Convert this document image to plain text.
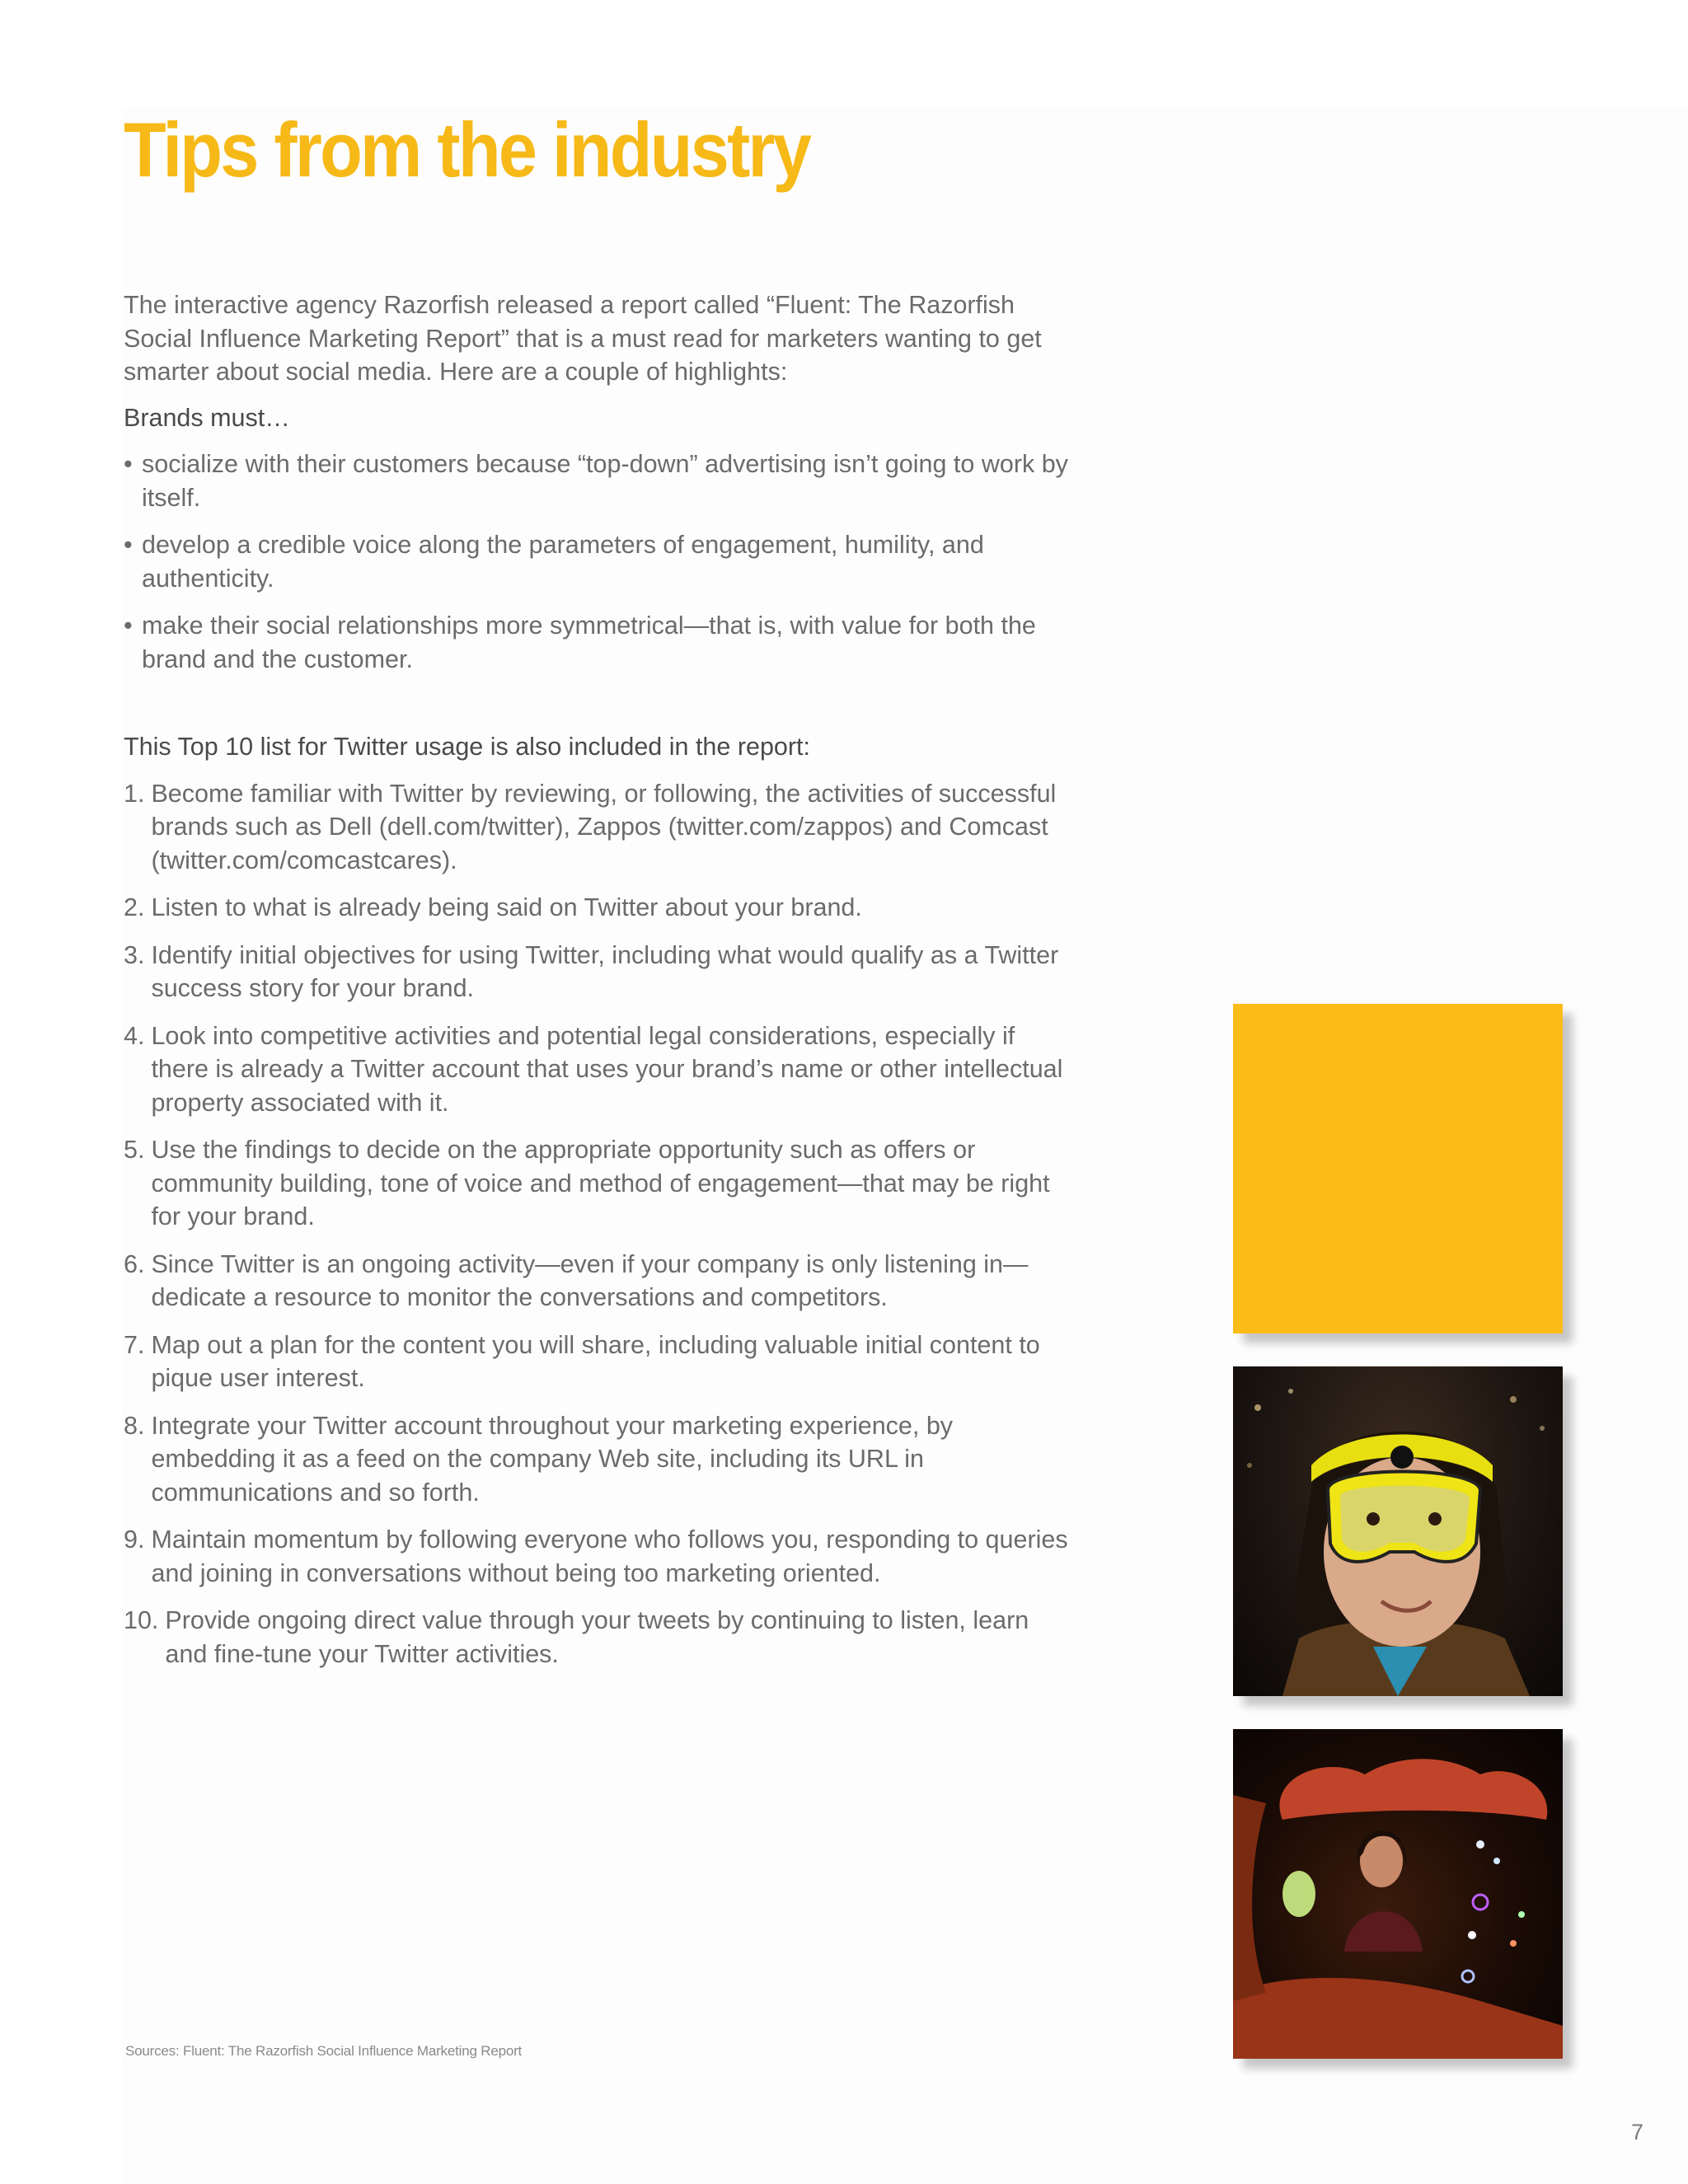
Tips from the industry

The interactive agency Razorfish released a report called “Fluent: The Razorfish Social Influence Marketing Report” that is a must read for marketers wanting to get smarter about social media. Here are a couple of highlights:

Brands must…

• socialize with their customers because “top-down” advertising isn’t going to work by itself.
• develop a credible voice along the parameters of engagement, humility, and authenticity.
• make their social relationships more symmetrical—that is, with value for both the brand and the customer.

This Top 10 list for Twitter usage is also included in the report:

1. Become familiar with Twitter by reviewing, or following, the activities of successful brands such as Dell (dell.com/twitter), Zappos (twitter.com/zappos) and Comcast (twitter.com/comcastcares).
2. Listen to what is already being said on Twitter about your brand.
3. Identify initial objectives for using Twitter, including what would qualify as a Twitter success story for your brand.
4. Look into competitive activities and potential legal considerations, especially if there is already a Twitter account that uses your brand’s name or other intellectual property associated with it.
5. Use the findings to decide on the appropriate opportunity such as offers or community building, tone of voice and method of engagement—that may be right for your brand.
6. Since Twitter is an ongoing activity—even if your company is only listening in—dedicate a resource to monitor the conversations and competitors.
7. Map out a plan for the content you will share, including valuable initial content to pique user interest.
8. Integrate your Twitter account throughout your marketing experience, by embedding it as a feed on the company Web site, including its URL in communications and so forth.
9. Maintain momentum by following everyone who follows you, responding to queries and joining in conversations without being too marketing oriented.
10. Provide ongoing direct value through your tweets by continuing to listen, learn and fine-tune your Twitter activities.
Sources: Fluent: The Razorfish Social Influence Marketing Report
7
